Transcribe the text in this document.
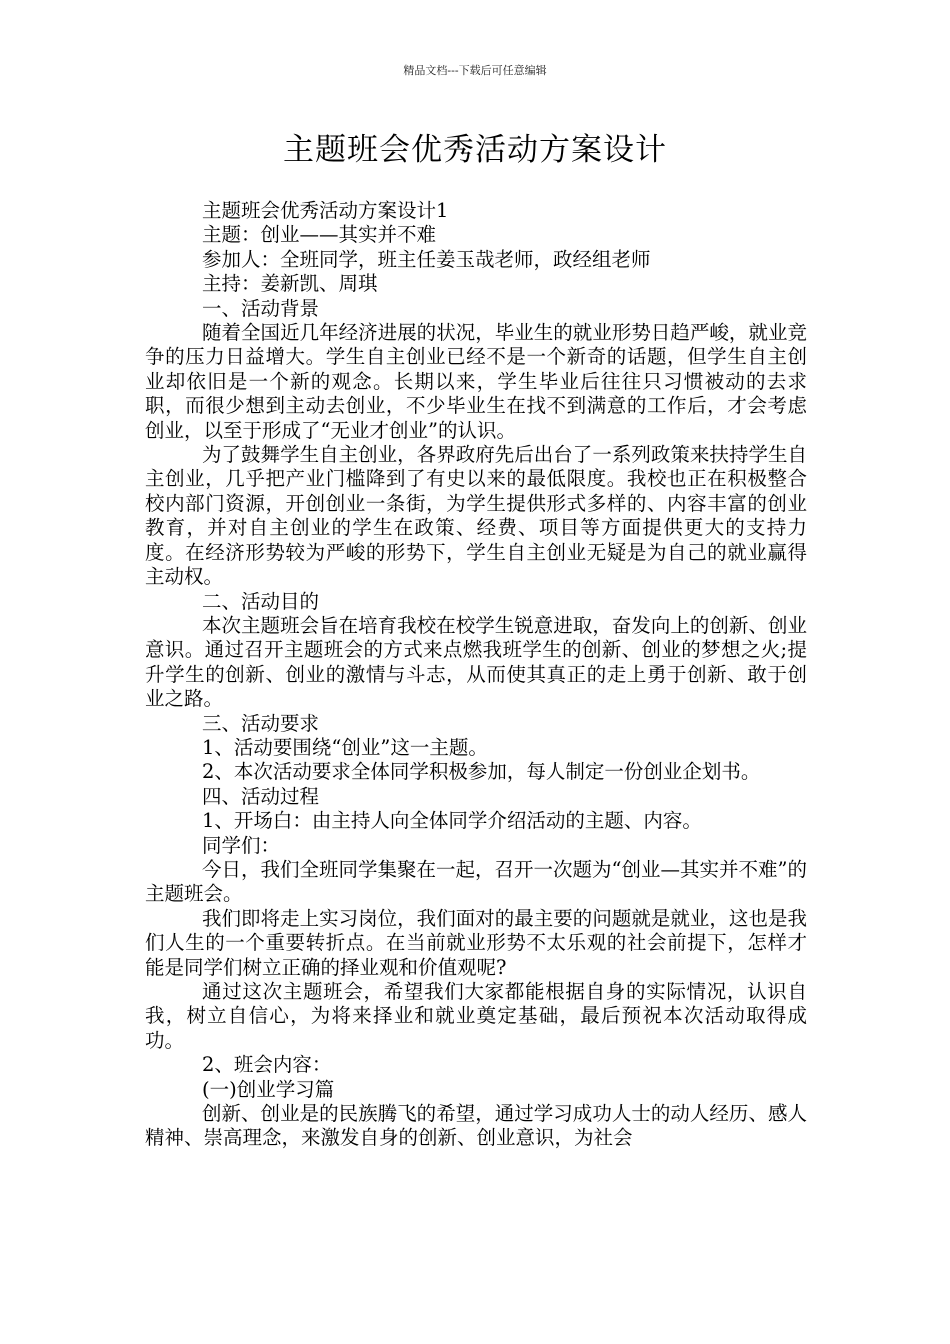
精品文档---下载后可任意编辑
主题班会优秀活动方案设计

主题班会优秀活动方案设计1

主题：创业——其实并不难

参加人：全班同学，班主任姜玉哉老师，政经组老师

主持：姜新凯、周琪

一、活动背景

随着全国近几年经济进展的状况，毕业生的就业形势日趋严峻，就业竞争的压力日益增大。学生自主创业已经不是一个新奇的话题，但学生自主创业却依旧是一个新的观念。长期以来，学生毕业后往往只习惯被动的去求职，而很少想到主动去创业，不少毕业生在找不到满意的工作后，才会考虑创业，以至于形成了“无业才创业”的认识。

为了鼓舞学生自主创业，各界政府先后出台了一系列政策来扶持学生自主创业，几乎把产业门槛降到了有史以来的最低限度。我校也正在积极整合校内部门资源，开创创业一条街，为学生提供形式多样的、内容丰富的创业教育，并对自主创业的学生在政策、经费、项目等方面提供更大的支持力度。在经济形势较为严峻的形势下，学生自主创业无疑是为自己的就业赢得主动权。

二、活动目的

本次主题班会旨在培育我校在校学生锐意进取，奋发向上的创新、创业意识。通过召开主题班会的方式来点燃我班学生的创新、创业的梦想之火;提升学生的创新、创业的激情与斗志，从而使其真正的走上勇于创新、敢于创业之路。

三、活动要求

1、活动要围绕“创业”这一主题。

2、本次活动要求全体同学积极参加，每人制定一份创业企划书。

四、活动过程

1、开场白：由主持人向全体同学介绍活动的主题、内容。

同学们：

今日，我们全班同学集聚在一起，召开一次题为“创业—其实并不难”的主题班会。

我们即将走上实习岗位，我们面对的最主要的问题就是就业，这也是我们人生的一个重要转折点。在当前就业形势不太乐观的社会前提下，怎样才能是同学们树立正确的择业观和价值观呢?

通过这次主题班会，希望我们大家都能根据自身的实际情况，认识自我，树立自信心，为将来择业和就业奠定基础，最后预祝本次活动取得成功。

2、班会内容：

(一)创业学习篇

创新、创业是的民族腾飞的希望，通过学习成功人士的动人经历、感人精神、崇高理念，来激发自身的创新、创业意识，为社会
